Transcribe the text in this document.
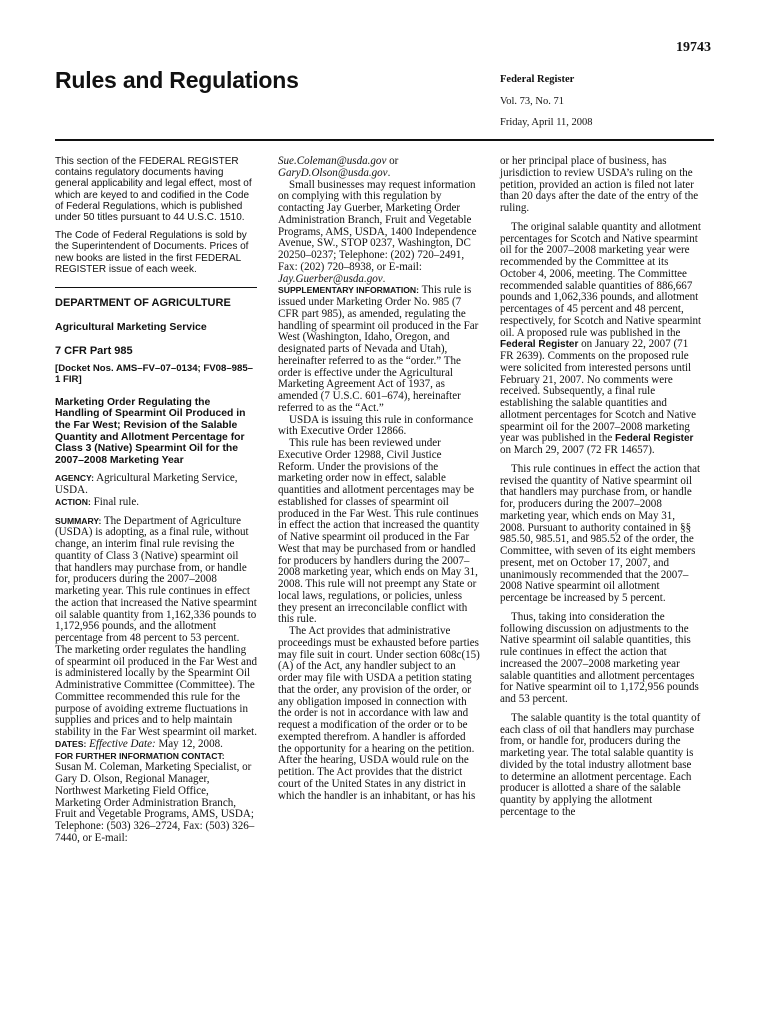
19743
Rules and Regulations	Federal Register
Vol. 73, No. 71
Friday, April 11, 2008

This section of the FEDERAL REGISTER contains regulatory documents having general applicability and legal effect, most of which are keyed to and codified in the Code of Federal Regulations, which is published under 50 titles pursuant to 44 U.S.C. 1510.

The Code of Federal Regulations is sold by the Superintendent of Documents. Prices of new books are listed in the first FEDERAL REGISTER issue of each week.

DEPARTMENT OF AGRICULTURE

Agricultural Marketing Service

7 CFR Part 985

[Docket Nos. AMS–FV–07–0134; FV08–985–1 FIR]

Marketing Order Regulating the Handling of Spearmint Oil Produced in the Far West; Revision of the Salable Quantity and Allotment Percentage for Class 3 (Native) Spearmint Oil for the 2007–2008 Marketing Year

AGENCY: Agricultural Marketing Service, USDA.

ACTION: Final rule.

SUMMARY: The Department of Agriculture (USDA) is adopting, as a final rule, without change, an interim final rule revising the quantity of Class 3 (Native) spearmint oil that handlers may purchase from, or handle for, producers during the 2007–2008 marketing year. This rule continues in effect the action that increased the Native spearmint oil salable quantity from 1,162,336 pounds to 1,172,956 pounds, and the allotment percentage from 48 percent to 53 percent. The marketing order regulates the handling of spearmint oil produced in the Far West and is administered locally by the Spearmint Oil Administrative Committee (Committee). The Committee recommended this rule for the purpose of avoiding extreme fluctuations in supplies and prices and to help maintain stability in the Far West spearmint oil market.

DATES: Effective Date: May 12, 2008.

FOR FURTHER INFORMATION CONTACT:
Susan M. Coleman, Marketing Specialist, or Gary D. Olson, Regional Manager, Northwest Marketing Field Office, Marketing Order Administration Branch, Fruit and Vegetable Programs, AMS, USDA; Telephone: (503) 326–2724, Fax: (503) 326–7440, or E-mail:

Sue.Coleman@usda.gov or
GaryD.Olson@usda.gov.

Small businesses may request information on complying with this regulation by contacting Jay Guerber, Marketing Order Administration Branch, Fruit and Vegetable Programs, AMS, USDA, 1400 Independence Avenue, SW., STOP 0237, Washington, DC 20250–0237; Telephone: (202) 720–2491, Fax: (202) 720–8938, or E-mail: Jay.Guerber@usda.gov.

SUPPLEMENTARY INFORMATION: This rule is issued under Marketing Order No. 985 (7 CFR part 985), as amended, regulating the handling of spearmint oil produced in the Far West (Washington, Idaho, Oregon, and designated parts of Nevada and Utah), hereinafter referred to as the “order.” The order is effective under the Agricultural Marketing Agreement Act of 1937, as amended (7 U.S.C. 601–674), hereinafter referred to as the “Act.”

USDA is issuing this rule in conformance with Executive Order 12866.

This rule has been reviewed under Executive Order 12988, Civil Justice Reform. Under the provisions of the marketing order now in effect, salable quantities and allotment percentages may be established for classes of spearmint oil produced in the Far West. This rule continues in effect the action that increased the quantity of Native spearmint oil produced in the Far West that may be purchased from or handled for producers by handlers during the 2007–2008 marketing year, which ends on May 31, 2008. This rule will not preempt any State or local laws, regulations, or policies, unless they present an irreconcilable conflict with this rule.

The Act provides that administrative proceedings must be exhausted before parties may file suit in court. Under section 608c(15)(A) of the Act, any handler subject to an order may file with USDA a petition stating that the order, any provision of the order, or any obligation imposed in connection with the order is not in accordance with law and request a modification of the order or to be exempted therefrom. A handler is afforded the opportunity for a hearing on the petition. After the hearing, USDA would rule on the petition. The Act provides that the district court of the United States in any district in which the handler is an inhabitant, or has his

or her principal place of business, has jurisdiction to review USDA’s ruling on the petition, provided an action is filed not later than 20 days after the date of the entry of the ruling.

The original salable quantity and allotment percentages for Scotch and Native spearmint oil for the 2007–2008 marketing year were recommended by the Committee at its October 4, 2006, meeting. The Committee recommended salable quantities of 886,667 pounds and 1,062,336 pounds, and allotment percentages of 45 percent and 48 percent, respectively, for Scotch and Native spearmint oil. A proposed rule was published in the Federal Register on January 22, 2007 (71 FR 2639). Comments on the proposed rule were solicited from interested persons until February 21, 2007. No comments were received. Subsequently, a final rule establishing the salable quantities and allotment percentages for Scotch and Native spearmint oil for the 2007–2008 marketing year was published in the Federal Register on March 29, 2007 (72 FR 14657).

This rule continues in effect the action that revised the quantity of Native spearmint oil that handlers may purchase from, or handle for, producers during the 2007–2008 marketing year, which ends on May 31, 2008. Pursuant to authority contained in §§ 985.50, 985.51, and 985.52 of the order, the Committee, with seven of its eight members present, met on October 17, 2007, and unanimously recommended that the 2007–2008 Native spearmint oil allotment percentage be increased by 5 percent.

Thus, taking into consideration the following discussion on adjustments to the Native spearmint oil salable quantities, this rule continues in effect the action that increased the 2007–2008 marketing year salable quantities and allotment percentages for Native spearmint oil to 1,172,956 pounds and 53 percent.

The salable quantity is the total quantity of each class of oil that handlers may purchase from, or handle for, producers during the marketing year. The total salable quantity is divided by the total industry allotment base to determine an allotment percentage. Each producer is allotted a share of the salable quantity by applying the allotment percentage to the
